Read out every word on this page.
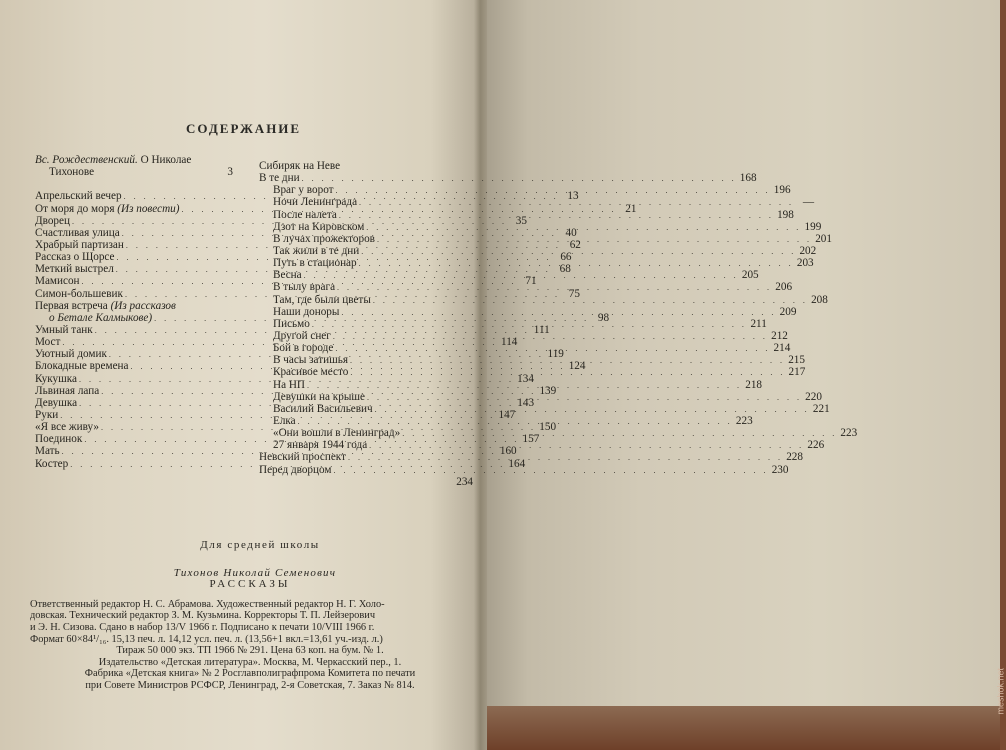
СОДЕРЖАНИЕ
Вс. Рождественский. О Николае
Тихонове	3
Апрельский вечер . . .	13
От моря до моря (Из повести) . . .	21
Дворец . . .	35
Счастливая улица . . .	40
Храбрый партизан . . .	62
Рассказ о Щорсе . . .	66
Меткий выстрел . . .	68
Мамисон . . .	71
Симон-большевик . . .	75
Первая встреча (Из рассказов
о Бетале Калмыкове) . . .	98
Умный танк . . .	111
Мост . . .	114
Уютный домик . . .	119
Блокадные времена . . .	124
Кукушка . . .	134
Львиная лапа . . .	139
Девушка . . .	143
Руки . . .	147
«Я все живу» . . .	150
Поединок . . .	157
Мать . . .	160
Костер . . .	164
Сибиряк на Неве
В те дни . . .	168
Враг у ворот . . .	196
Ночи Ленинграда . . .	—
После налета . . .	198
Дзот на Кировском . . .	199
В лучах прожекторов . . .	201
Так жили в те дни . . .	202
Путь в стационар . . .	203
Весна . . .	205
В тылу врага . . .	206
Там, где были цветы . . .	208
Наши доноры . . .	209
Письмо . . .	211
Другой снег . . .	212
Бой в городе . . .	214
В часы затишья . . .	215
Красивое место . . .	217
На НП . . .	218
Девушки на крыше . . .	220
Василий Васильевич . . .	221
Елка . . .	223
«Они вошли в Ленинград» . . .	223
27 января 1944 года . . .	226
Невский проспект . . .	228
Перед дворцом . . .	230
234
Для средней школы
Тихонов Николай Семенович
РАССКАЗЫ
Ответственный редактор Н. С. Абрамова. Художественный редактор Н. Г. Холо-
довская. Технический редактор З. М. Кузьмина. Корректоры Т. П. Лейзерович
и Э. Н. Сизова. Сдано в набор 13/V 1966 г. Подписано к печати 10/VIII 1966 г.
Формат 60×84¹/₁₆. 15,13 печ. л. 14,12 усл. печ. л. (13,56+1 вкл.=13,61 уч.-изд. л.)
Тираж 50 000 экз. ТП 1966 № 291. Цена 63 коп. на бум. № 1.
Издательство «Детская литература». Москва, М. Черкасский пер., 1.
Фабрика «Детская книга» № 2 Росглавполиграфпрома Комитета по печати
при Совете Министров РСФСР, Ленинград, 2-я Советская, 7. Заказ № 814.	meshok.net
